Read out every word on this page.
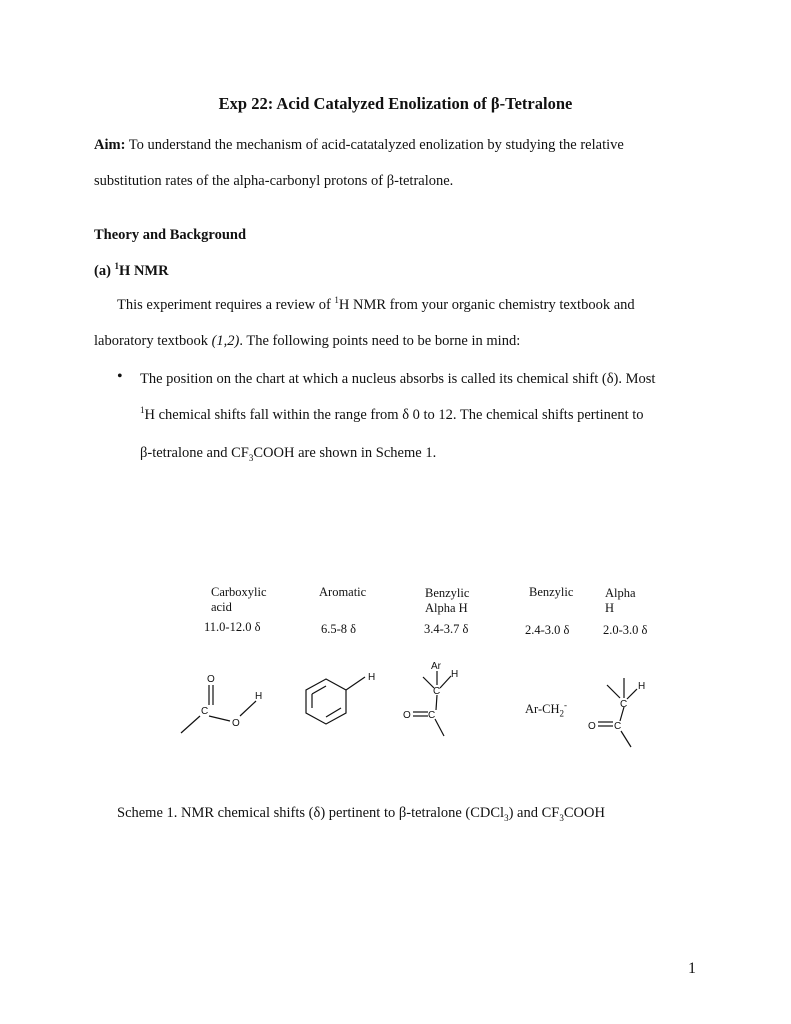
Exp 22: Acid Catalyzed Enolization of β-Tetralone
Aim: To understand the mechanism of acid-catatalyzed enolization by studying the relative
substitution rates of the alpha-carbonyl protons of β-tetralone.
Theory and Background
(a) $^1$H NMR
This experiment requires a review of $^1$H NMR from your organic chemistry textbook and
laboratory textbook (1,2). The following points need to be borne in mind:
• The position on the chart at which a nucleus absorbs is called its chemical shift (δ). Most
$^1$H chemical shifts fall within the range from δ 0 to 12. The chemical shifts pertinent to
β-tetralone and $CF_3COOH$ are shown in Scheme 1.
Carboxylic
acid
11.0-12.0 δ
Aromatic
6.5-8 δ
Benzylic
Alpha H
3.4-3.7 δ
Benzylic
2.4-3.0 δ
Alpha
H
2.0-3.0 δ
O
C
O
H
H
Ar
H
C
O C
H
C
O C
$Ar-CH_2^-$
Scheme 1. NMR chemical shifts (δ) pertinent to β-tetralone (CDCl$_3$) and $CF_3COOH$
1
